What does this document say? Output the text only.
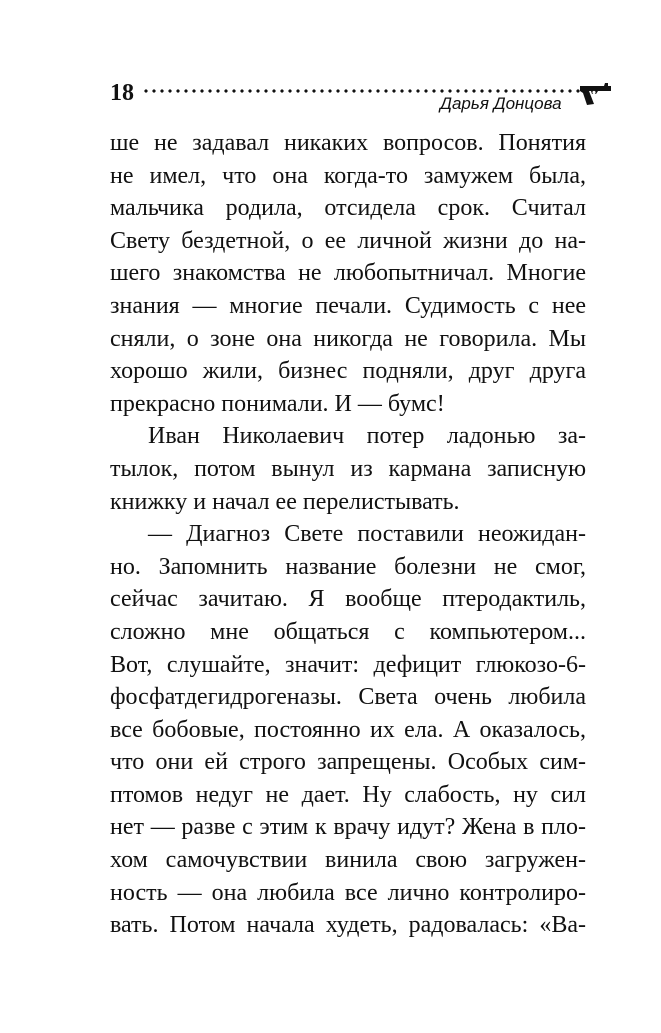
18	Дарья Донцова
ше не задавал никаких вопросов. Понятия
не имел, что она когда-то замужем была,
мальчика родила, отсидела срок. Считал
Свету бездетной, о ее личной жизни до на-
шего знакомства не любопытничал. Многие
знания — многие печали. Судимость с нее
сняли, о зоне она никогда не говорила. Мы
хорошо жили, бизнес подняли, друг друга
прекрасно понимали. И — бумс!
Иван Николаевич потер ладонью за-
тылок, потом вынул из кармана записную
книжку и начал ее перелистывать.
— Диагноз Свете поставили неожидан-
но. Запомнить название болезни не смог,
сейчас зачитаю. Я вообще птеродактиль,
сложно мне общаться с компьютером...
Вот, слушайте, значит: дефицит глюкозо-6-
фосфатдегидрогеназы. Света очень любила
все бобовые, постоянно их ела. А оказалось,
что они ей строго запрещены. Особых сим-
птомов недуг не дает. Ну слабость, ну сил
нет — разве с этим к врачу идут? Жена в пло-
хом самочувствии винила свою загружен-
ность — она любила все лично контролиро-
вать. Потом начала худеть, радовалась: «Ва-
